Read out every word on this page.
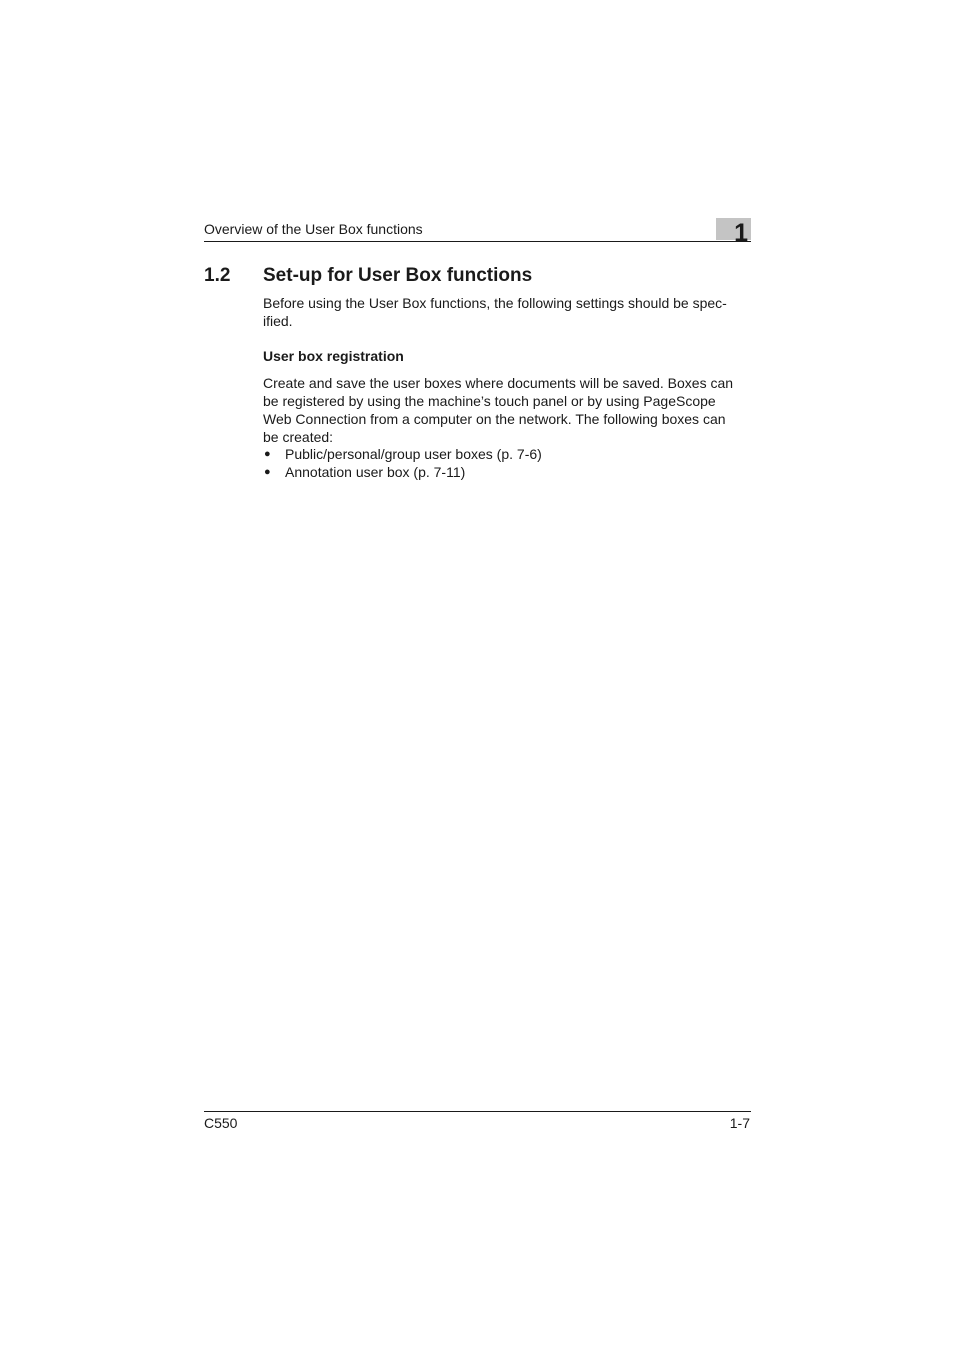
Overview of the User Box functions	1
1.2 Set-up for User Box functions
Before using the User Box functions, the following settings should be spec-
ified.
User box registration
Create and save the user boxes where documents will be saved. Boxes can
be registered by using the machine’s touch panel or by using PageScope
Web Connection from a computer on the network. The following boxes can
be created:
● Public/personal/group user boxes (p. 7-6)
● Annotation user box (p. 7-11)
C550	1-7
